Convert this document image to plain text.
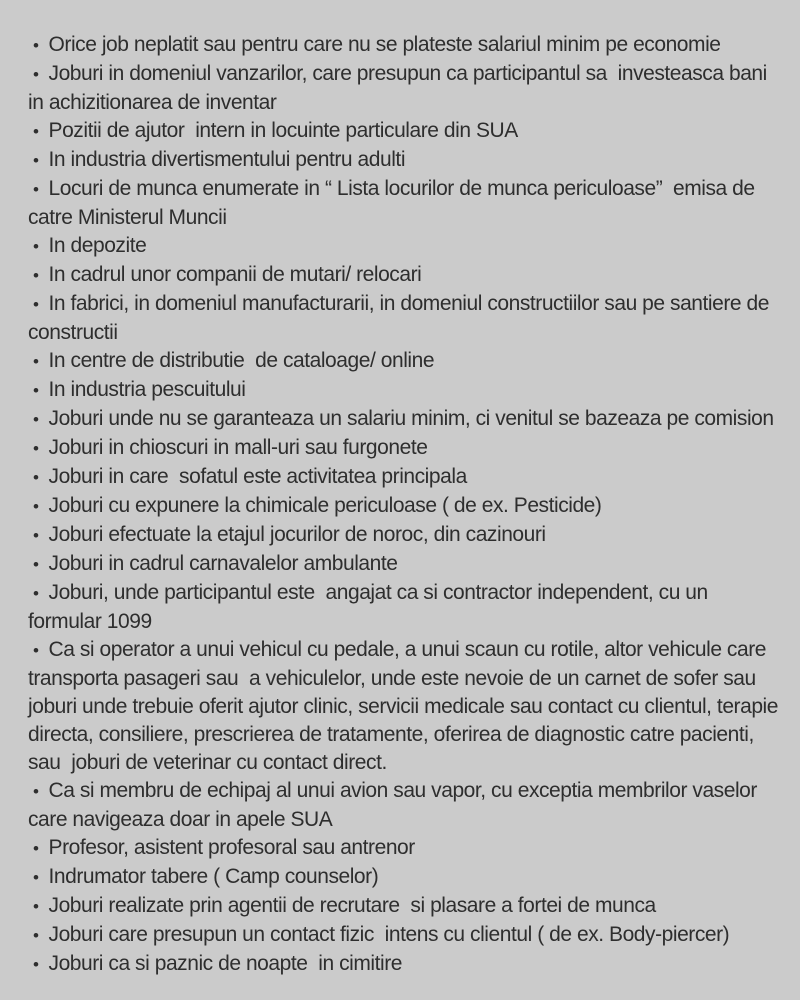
• Orice job neplatit sau pentru care nu se plateste salariul minim pe economie
• Joburi in domeniul vanzarilor, care presupun ca participantul sa  investeasca bani in achizitionarea de inventar
• Pozitii de ajutor  intern in locuinte particulare din SUA
• In industria divertismentului pentru adulti
• Locuri de munca enumerate in “ Lista locurilor de munca periculoase”  emisa de catre Ministerul Muncii
• In depozite
• In cadrul unor companii de mutari/ relocari
• In fabrici, in domeniul manufacturarii, in domeniul constructiilor sau pe santiere de constructii
• In centre de distributie  de cataloage/ online
• In industria pescuitului
• Joburi unde nu se garanteaza un salariu minim, ci venitul se bazeaza pe comision
• Joburi in chioscuri in mall-uri sau furgonete
• Joburi in care  sofatul este activitatea principala
• Joburi cu expunere la chimicale periculoase ( de ex. Pesticide)
• Joburi efectuate la etajul jocurilor de noroc, din cazinouri
• Joburi in cadrul carnavalelor ambulante
• Joburi, unde participantul este  angajat ca si contractor independent, cu un formular 1099
• Ca si operator a unui vehicul cu pedale, a unui scaun cu rotile, altor vehicule care transporta pasageri sau  a vehiculelor, unde este nevoie de un carnet de sofer sau joburi unde trebuie oferit ajutor clinic, servicii medicale sau contact cu clientul, terapie  directa, consiliere, prescrierea de tratamente, oferirea de diagnostic catre pacienti, sau  joburi de veterinar cu contact direct.
• Ca si membru de echipaj al unui avion sau vapor, cu exceptia membrilor vaselor care navigeaza doar in apele SUA
• Profesor, asistent profesoral sau antrenor
• Indrumator tabere ( Camp counselor)
• Joburi realizate prin agentii de recrutare  si plasare a fortei de munca
• Joburi care presupun un contact fizic  intens cu clientul ( de ex. Body-piercer)
• Joburi ca si paznic de noapte  in cimitire
